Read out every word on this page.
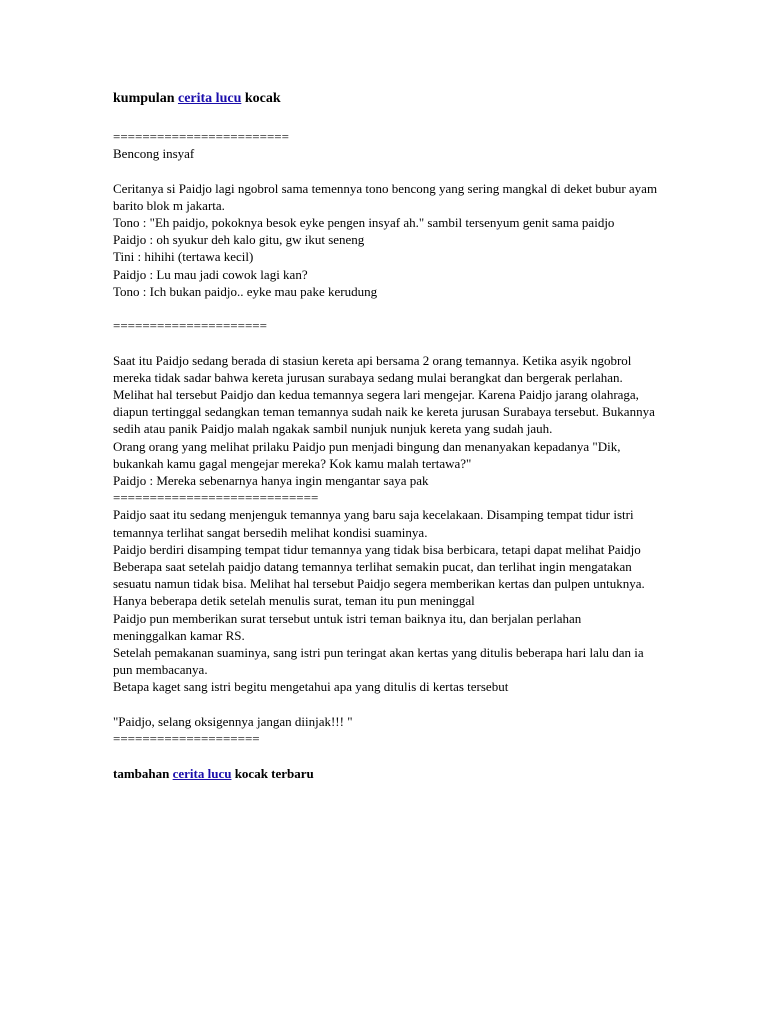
kumpulan cerita lucu kocak

========================

Bencong insyaf

Ceritanya si Paidjo lagi ngobrol sama temennya tono bencong yang sering mangkal di deket bubur ayam barito blok m jakarta.

Tono : "Eh paidjo, pokoknya besok eyke pengen insyaf ah." sambil tersenyum genit sama paidjo

Paidjo : oh syukur deh kalo gitu, gw ikut seneng

Tini : hihihi (tertawa kecil)

Paidjo : Lu mau jadi cowok lagi kan?

Tono : Ich bukan paidjo.. eyke mau pake kerudung

=====================

Saat itu Paidjo sedang berada di stasiun kereta api bersama 2 orang temannya. Ketika asyik ngobrol mereka tidak sadar bahwa kereta jurusan surabaya sedang mulai berangkat dan bergerak perlahan. Melihat hal tersebut Paidjo dan kedua temannya segera lari mengejar. Karena Paidjo jarang olahraga, diapun tertinggal sedangkan teman temannya sudah naik ke kereta jurusan Surabaya tersebut. Bukannya sedih atau panik Paidjo malah ngakak sambil nunjuk nunjuk kereta yang sudah jauh.

Orang orang yang melihat prilaku Paidjo pun menjadi bingung dan menanyakan kepadanya "Dik, bukankah kamu gagal mengejar mereka? Kok kamu malah tertawa?"

Paidjo : Mereka sebenarnya hanya ingin mengantar saya pak

============================

Paidjo saat itu sedang menjenguk temannya yang baru saja kecelakaan. Disamping tempat tidur istri temannya terlihat sangat bersedih melihat kondisi suaminya.

Paidjo berdiri disamping tempat tidur temannya yang tidak bisa berbicara, tetapi dapat melihat Paidjo

Beberapa saat setelah paidjo datang temannya terlihat semakin pucat, dan terlihat ingin mengatakan sesuatu namun tidak bisa. Melihat hal tersebut Paidjo segera memberikan kertas dan pulpen untuknya.

Hanya beberapa detik setelah menulis surat, teman itu pun meninggal

Paidjo pun memberikan surat tersebut untuk istri teman baiknya itu, dan berjalan perlahan meninggalkan kamar RS.

Setelah pemakanan suaminya, sang istri pun teringat akan kertas yang ditulis beberapa hari lalu dan ia pun membacanya.

Betapa kaget sang istri begitu mengetahui apa yang ditulis di kertas tersebut

"Paidjo, selang oksigennya jangan diinjak!!! "

====================

tambahan cerita lucu kocak terbaru
